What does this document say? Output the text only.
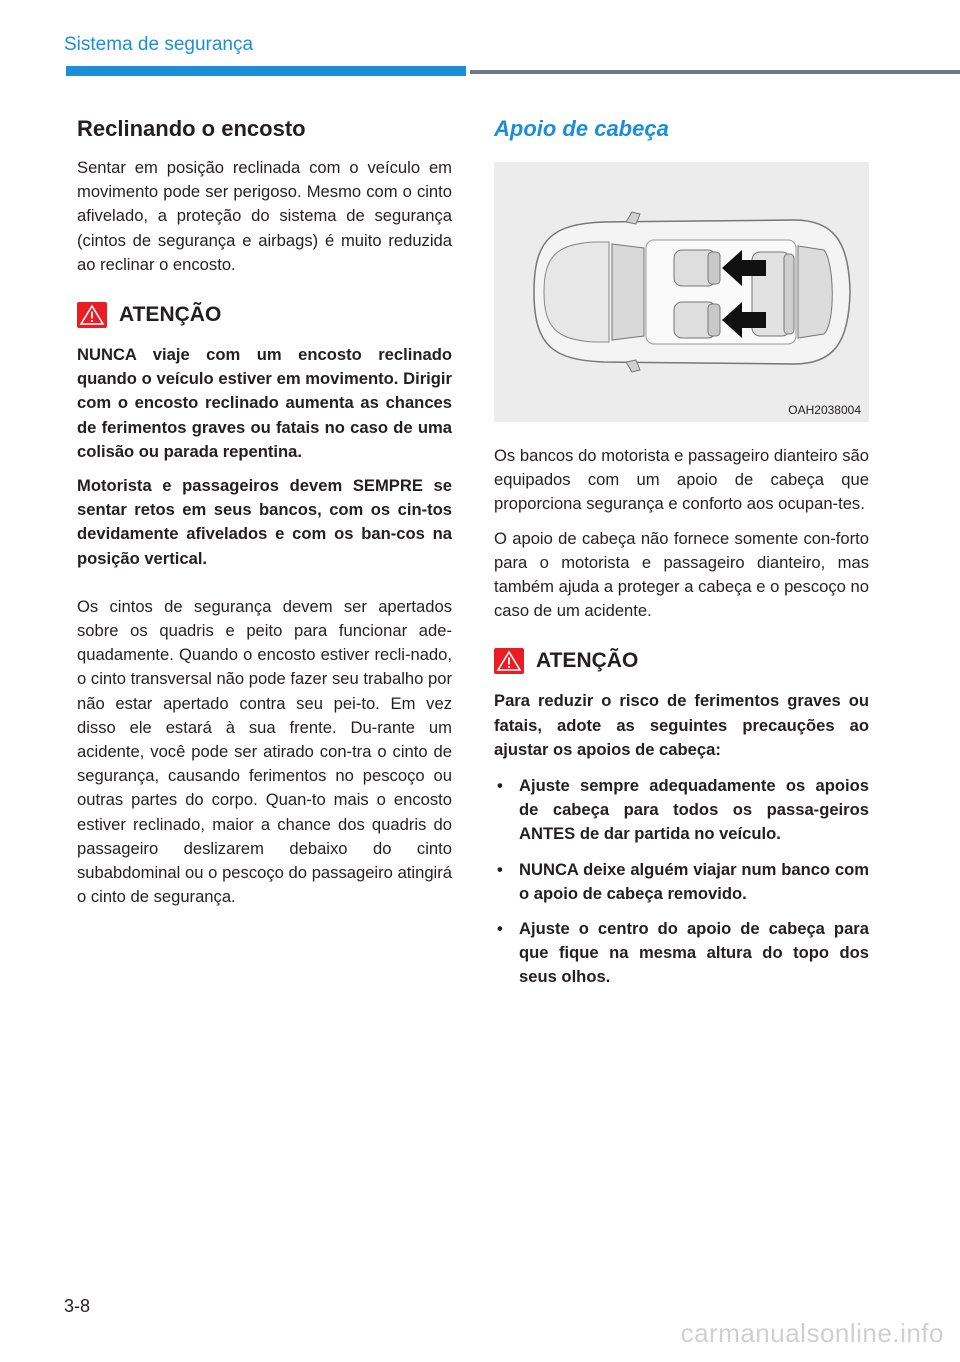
Sistema de segurança
Reclinando o encosto

Sentar em posição reclinada com o veículo em movimento pode ser perigoso. Mesmo com o cinto afivelado, a proteção do sistema de segurança (cintos de segurança e airbags) é muito reduzida ao reclinar o encosto.

ATENÇÃO

NUNCA viaje com um encosto reclinado quando o veículo estiver em movimento. Dirigir com o encosto reclinado aumenta as chances de ferimentos graves ou fatais no caso de uma colisão ou parada repentina.

Motorista e passageiros devem SEMPRE se sentar retos em seus bancos, com os cin-tos devidamente afivelados e com os ban-cos na posição vertical.

Os cintos de segurança devem ser apertados sobre os quadris e peito para funcionar ade-quadamente. Quando o encosto estiver recli-nado, o cinto transversal não pode fazer seu trabalho por não estar apertado contra seu pei-to. Em vez disso ele estará à sua frente. Du-rante um acidente, você pode ser atirado con-tra o cinto de segurança, causando ferimentos no pescoço ou outras partes do corpo. Quan-to mais o encosto estiver reclinado, maior a chance dos quadris do passageiro deslizarem debaixo do cinto subabdominal ou o pescoço do passageiro atingirá o cinto de segurança.

Apoio de cabeça
OAH2038004

Os bancos do motorista e passageiro dianteiro são equipados com um apoio de cabeça que proporciona segurança e conforto aos ocupan-tes.

O apoio de cabeça não fornece somente con-forto para o motorista e passageiro dianteiro, mas também ajuda a proteger a cabeça e o pescoço no caso de um acidente.

ATENÇÃO

Para reduzir o risco de ferimentos graves ou fatais, adote as seguintes precauções ao ajustar os apoios de cabeça:

• Ajuste sempre adequadamente os apoios de cabeça para todos os passa-geiros ANTES de dar partida no veículo.
• NUNCA deixe alguém viajar num banco com o apoio de cabeça removido.
• Ajuste o centro do apoio de cabeça para que fique na mesma altura do topo dos seus olhos.
3-8
carmanualsonline.info
